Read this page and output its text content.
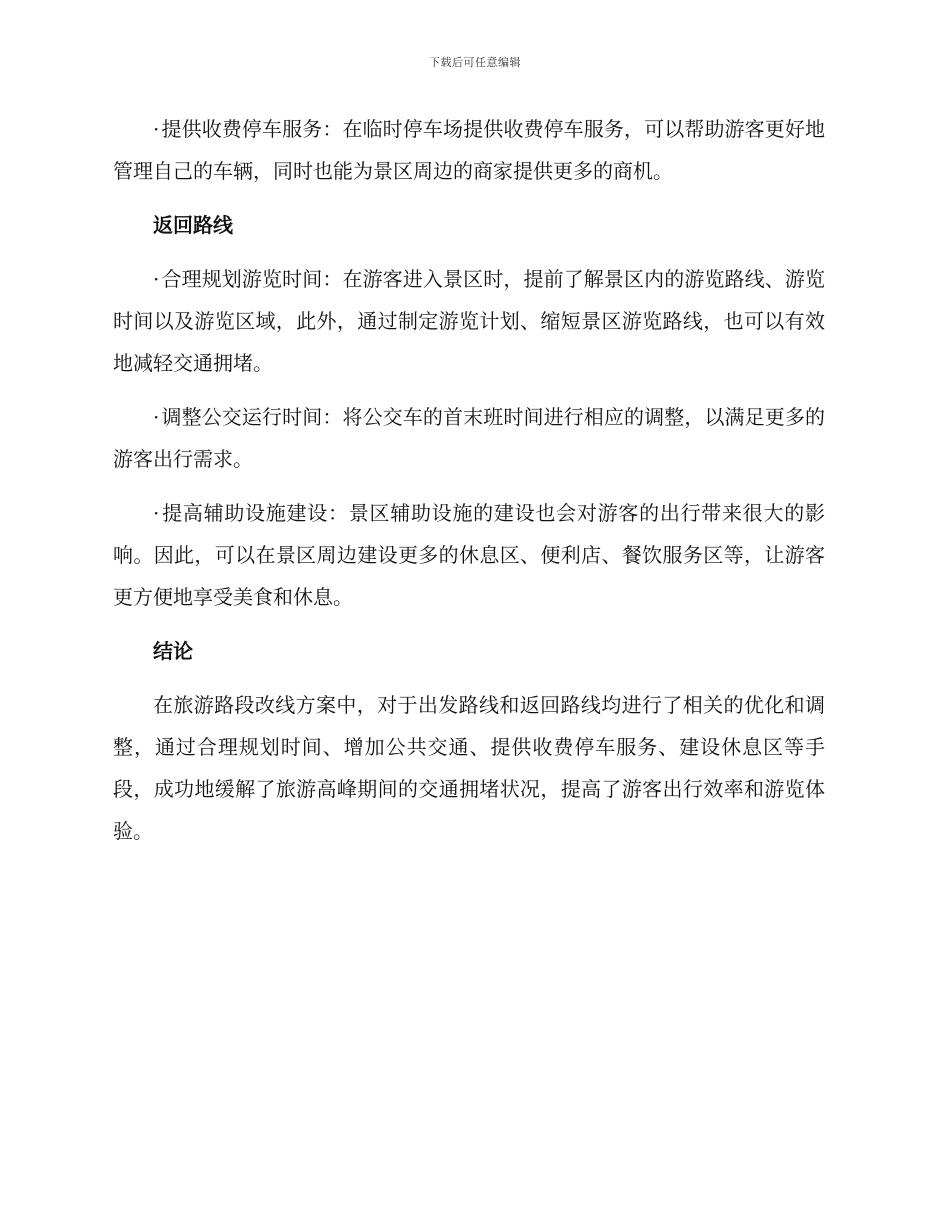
下载后可任意编辑

· 提供收费停车服务：在临时停车场提供收费停车服务，可以帮助游客更好地管理自己的车辆，同时也能为景区周边的商家提供更多的商机。

返回路线

· 合理规划游览时间：在游客进入景区时，提前了解景区内的游览路线、游览时间以及游览区域，此外，通过制定游览计划、缩短景区游览路线，也可以有效地减轻交通拥堵。

· 调整公交运行时间：将公交车的首末班时间进行相应的调整，以满足更多的游客出行需求。

· 提高辅助设施建设：景区辅助设施的建设也会对游客的出行带来很大的影响。因此，可以在景区周边建设更多的休息区、便利店、餐饮服务区等，让游客更方便地享受美食和休息。

结论

在旅游路段改线方案中，对于出发路线和返回路线均进行了相关的优化和调整，通过合理规划时间、增加公共交通、提供收费停车服务、建设休息区等手段，成功地缓解了旅游高峰期间的交通拥堵状况，提高了游客出行效率和游览体验。
